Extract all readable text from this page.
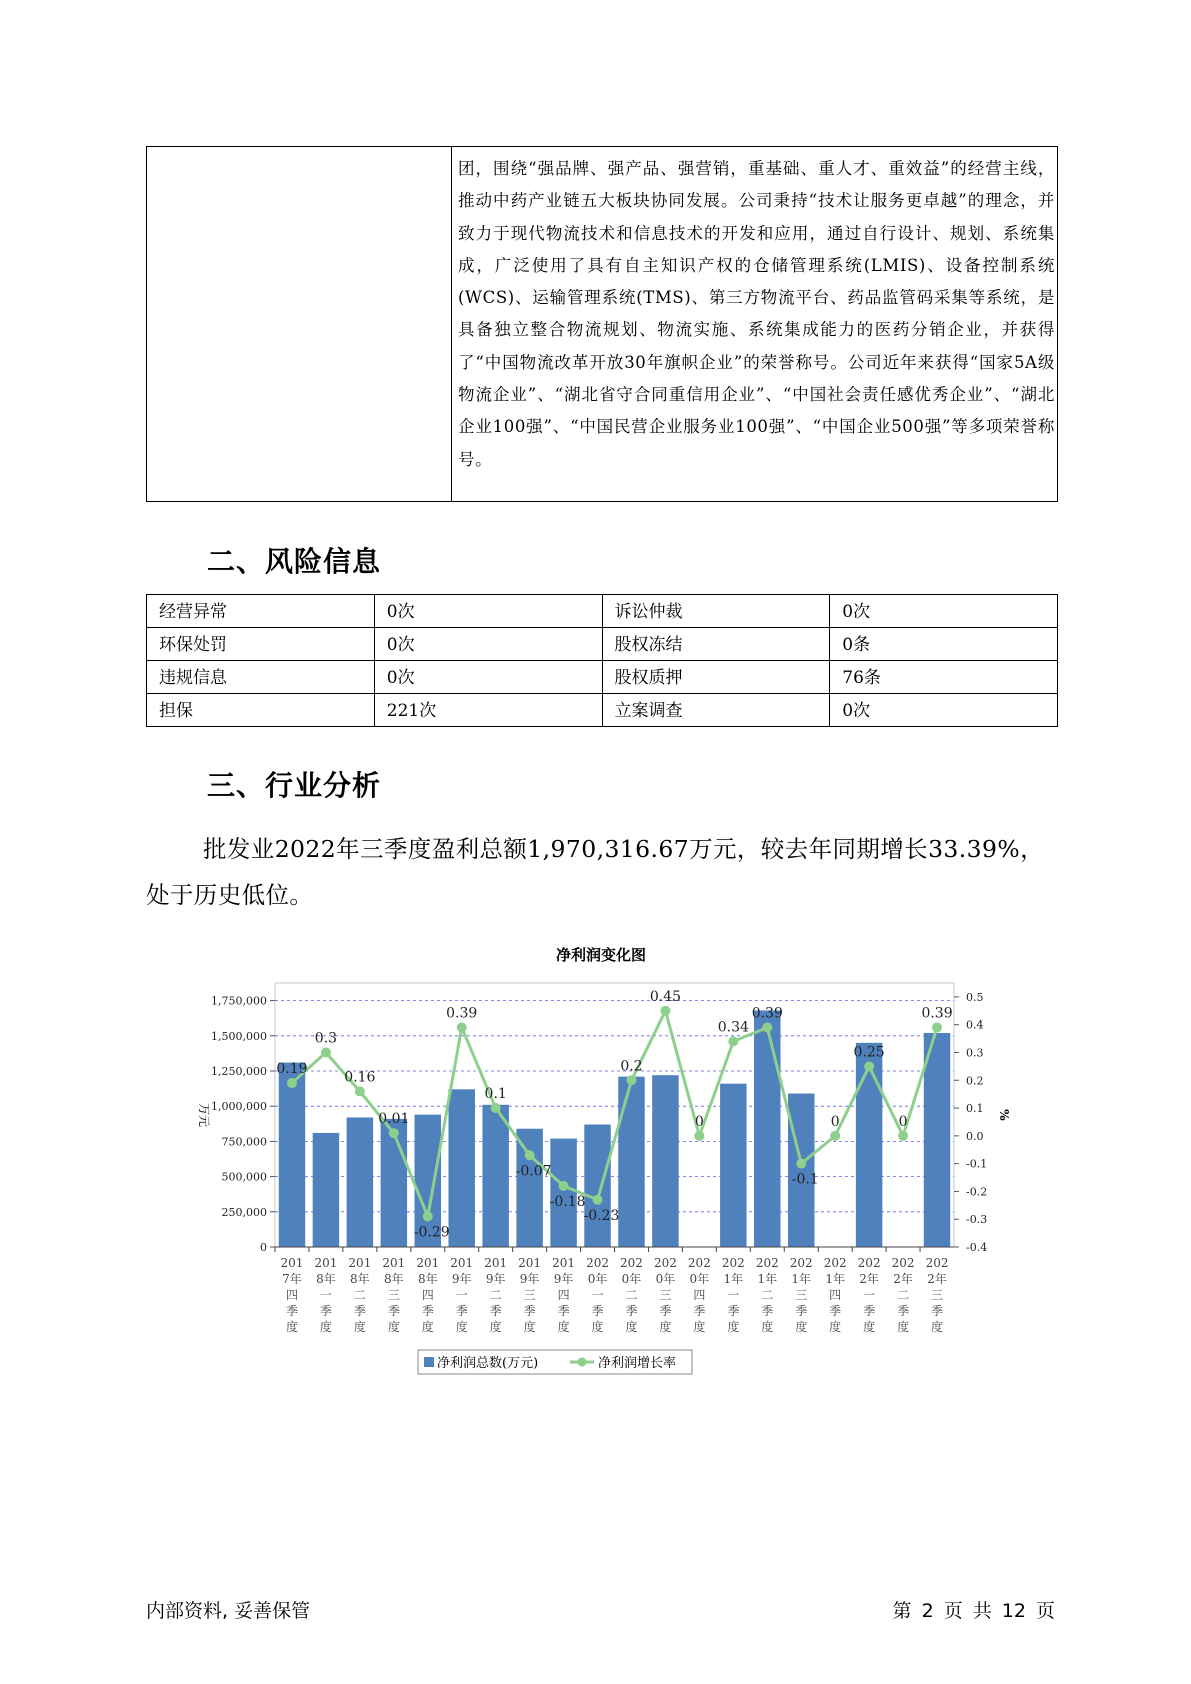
团，围绕“强品牌、强产品、强营销，重基础、重人才、重效益”的经营主线，推动中药产业链五大板块协同发展。公司秉持“技术让服务更卓越”的理念，并致力于现代物流技术和信息技术的开发和应用，通过自行设计、规划、系统集成，广泛使用了具有自主知识产权的仓储管理系统(LMIS)、设备控制系统(WCS)、运输管理系统(TMS)、第三方物流平台、药品监管码采集等系统，是具备独立整合物流规划、物流实施、系统集成能力的医药分销企业，并获得了“中国物流改革开放30年旗帜企业”的荣誉称号。公司近年来获得“国家5A级物流企业”、“湖北省守合同重信用企业”、“中国社会责任感优秀企业”、“湖北企业100强”、“中国民营企业服务业100强”、“中国企业500强”等多项荣誉称号。
二、风险信息
经营异常	0次	诉讼仲裁	0次
环保处罚	0次	股权冻结	0条
违规信息	0次	股权质押	76条
担保	221次	立案调查	0次
三、行业分析

批发业2022年三季度盈利总额1,970,316.67万元，较去年同期增长33.39%，处于历史低位。

净利润变化图
0
250,000
500,000
750,000
1,000,000
1,250,000
1,500,000
1,750,000
-0.4
-0.3
-0.2
-0.1
0.0
0.1
0.2
0.3
0.4
0.5
万元	%
0.19
0.3
0.16
0.01
-0.29
0.39
0.1
-0.07
-0.18
-0.23
0.2
0.45
0
0.34
0.39
-0.1
0
0.25
0
0.39
201 7年四季度
201 8年一季度
201 8年二季度
201 8年三季度
201 8年四季度
201 9年一季度
201 9年二季度
201 9年三季度
201 9年四季度
202 0年一季度
202 0年二季度
202 0年三季度
202 0年四季度
202 1年一季度
202 1年二季度
202 1年三季度
202 1年四季度
202 2年一季度
202 2年二季度
202 2年三季度
净利润总数(万元)	净利润增长率
内部资料, 妥善保管	第 2 页 共 12 页
